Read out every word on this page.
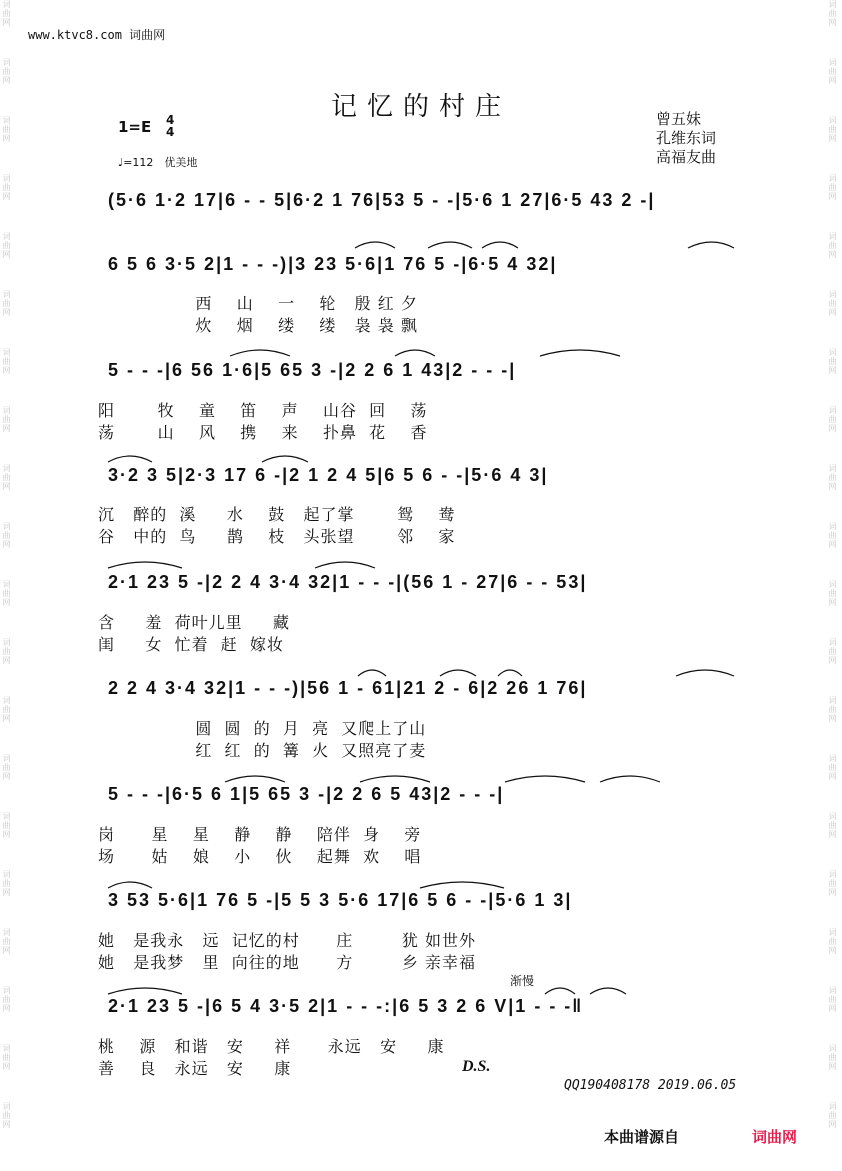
词曲网
词曲网
词曲网
词曲网
词曲网
词曲网
词曲网
词曲网
词曲网
词曲网
词曲网
词曲网
词曲网
词曲网
词曲网
词曲网
词曲网
词曲网
词曲网
词曲网
词曲网
词曲网
词曲网
词曲网
词曲网
词曲网
词曲网
词曲网
词曲网
词曲网
词曲网
词曲网
词曲网
词曲网
词曲网
词曲网
词曲网
词曲网
词曲网
词曲网
www.ktvc8.com 词曲网
记忆的村庄
1=E 4
4
♩=112　优美地
曾五妹
孔维东词
高福友曲
(5·6 1·2 17|6 - - 5|6·2 1 76|53 5 - -|5·6 1 27|6·5 43 2 -|
6 5 6 3·5 2|1 - - -)|3 23 5·6|1 76 5 -|6·5 4 32|
西    山    一    轮   殷 红 夕
炊    烟    缕    缕   袅 袅 飘
5 - - -|6 56 1·6|5 65 3 -|2 2 6 1 43|2 - - -|
阳       牧    童    笛    声    山谷  回    荡
荡       山    风    携    来    扑鼻  花    香
3·2 3 5|2·3 17 6 -|2 1 2 4 5|6 5 6 - -|5·6 4 3|
沉   醉的  溪     水    鼓   起了掌       鸳    鸯
谷   中的  鸟     鹊    枝   头张望       邻    家
2·1 23 5 -|2 2 4 3·4 32|1 - - -|(56 1 - 27|6 - - 53|
含     羞  荷叶儿里     藏
闺     女  忙着  赶  嫁妆
2 2 4 3·4 32|1 - - -)|56 1 - 61|21 2 - 6|2 26 1 76|
圆  圆  的  月  亮  又爬上了山
红  红  的  篝  火  又照亮了麦
5 - - -|6·5 6 1|5 65 3 -|2 2 6 5 43|2 - - -|
岗      星    星    静    静    陪伴  身    旁
场      姑    娘    小    伙    起舞  欢    唱
3 53 5·6|1 76 5 -|5 5 3 5·6 17|6 5 6 - -|5·6 1 3|
她   是我永   远  记忆的村      庄        犹 如世外
她   是我梦   里  向往的地      方        乡 亲幸福
渐慢
2·1 23 5 -|6 5 4 3·5 2|1 - - -:|6 5 3 2 6 V|1 - - -‖
桃    源   和谐   安     祥      永远   安     康
善    良   永远   安     康	D.S.
QQ190408178 2019.06.05
本曲谱源自	词曲网
